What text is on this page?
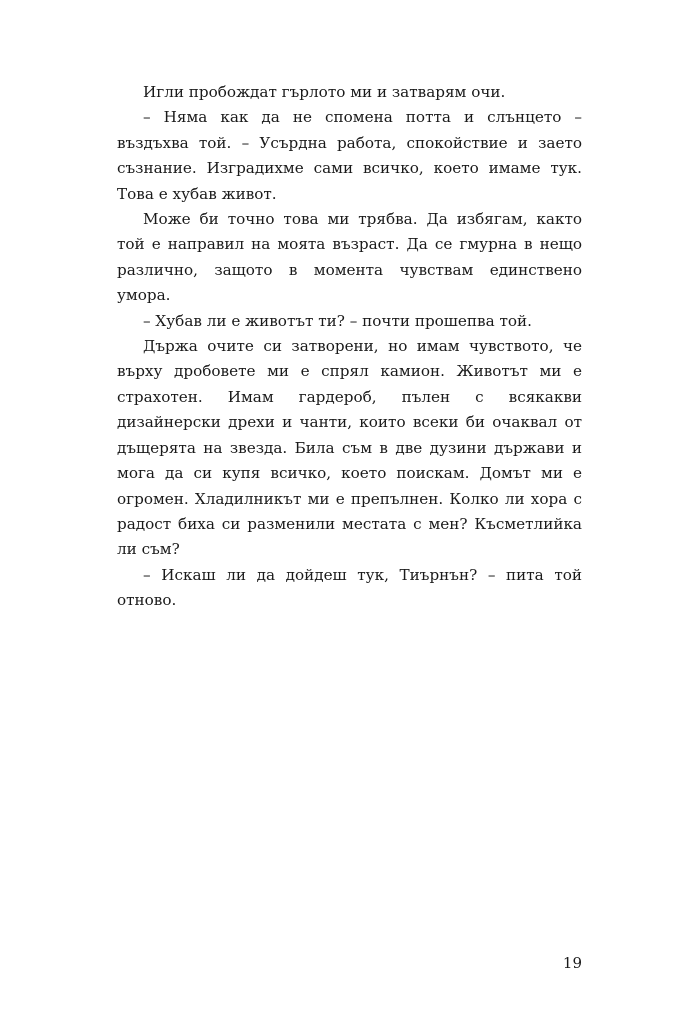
Игли пробождат гърлото ми и затварям очи.

– Няма как да не спомена потта и слънцето – въздъхва той. – Усърдна работа, спокойствие и заето съзнание. Изградихме сами всичко, което имаме тук. Това е хубав живот.

Може би точно това ми трябва. Да избягам, както той е направил на моята възраст. Да се гмурна в нещо различно, защото в момента чувствам единствено умора.

– Хубав ли е животът ти? – почти прошепва той.

Държа очите си затворени, но имам чувството, че върху дробовете ми е спрял камион. Животът ми е страхотен. Имам гардероб, пълен с всякакви дизайнерски дрехи и чанти, които всеки би очаквал от дъщерята на звезда. Била съм в две дузини държави и мога да си купя всичко, което поискам. Домът ми е огромен. Хладилникът ми е препълнен. Колко ли хора с радост биха си разменили местата с мен? Късметлийка ли съм?

– Искаш ли да дойдеш тук, Тиърнън? – пита той отново.

19
